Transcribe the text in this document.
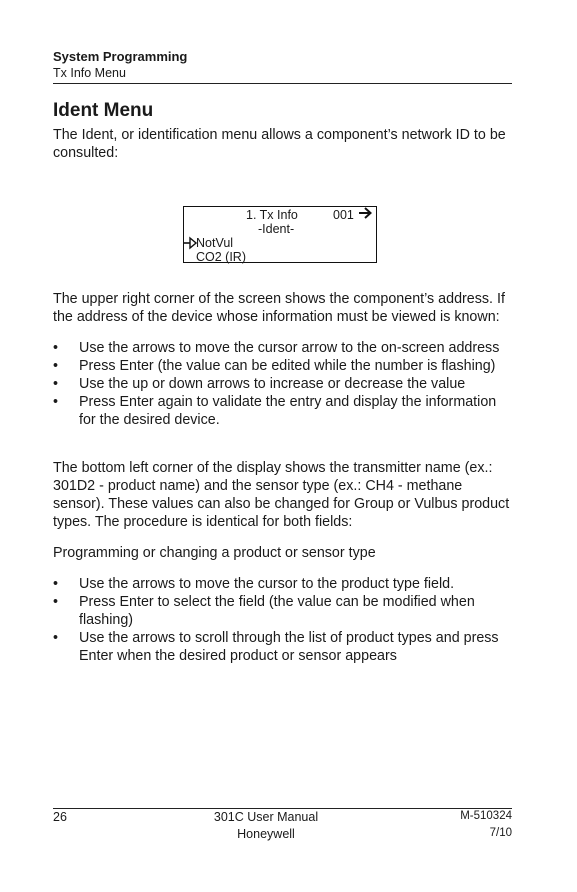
System Programming
Tx Info Menu
Ident Menu

The Ident, or identification menu allows a component’s network ID to be consulted:

1. Tx Info	001
-Ident-
NotVul
CO2 (IR)

The upper right corner of the screen shows the component’s address. If the address of the device whose information must be viewed is known:

• Use the arrows to move the cursor arrow to the on-screen address
• Press Enter (the value can be edited while the number is flashing)
• Use the up or down arrows to increase or decrease the value
• Press Enter again to validate the entry and display the information for the desired device.

The bottom left corner of the display shows the transmitter name (ex.: 301D2 - product name) and the sensor type (ex.: CH4 - methane sensor). These values can also be changed for Group or Vulbus product types. The procedure is identical for both fields:

Programming or changing a product or sensor type

• Use the arrows to move the cursor to the product type field.
• Press Enter to select the field (the value can be modified when flashing)
• Use the arrows to scroll through the list of product types and press Enter when the desired product or sensor appears
26	301C User Manual
Honeywell
M-510324
7/10
